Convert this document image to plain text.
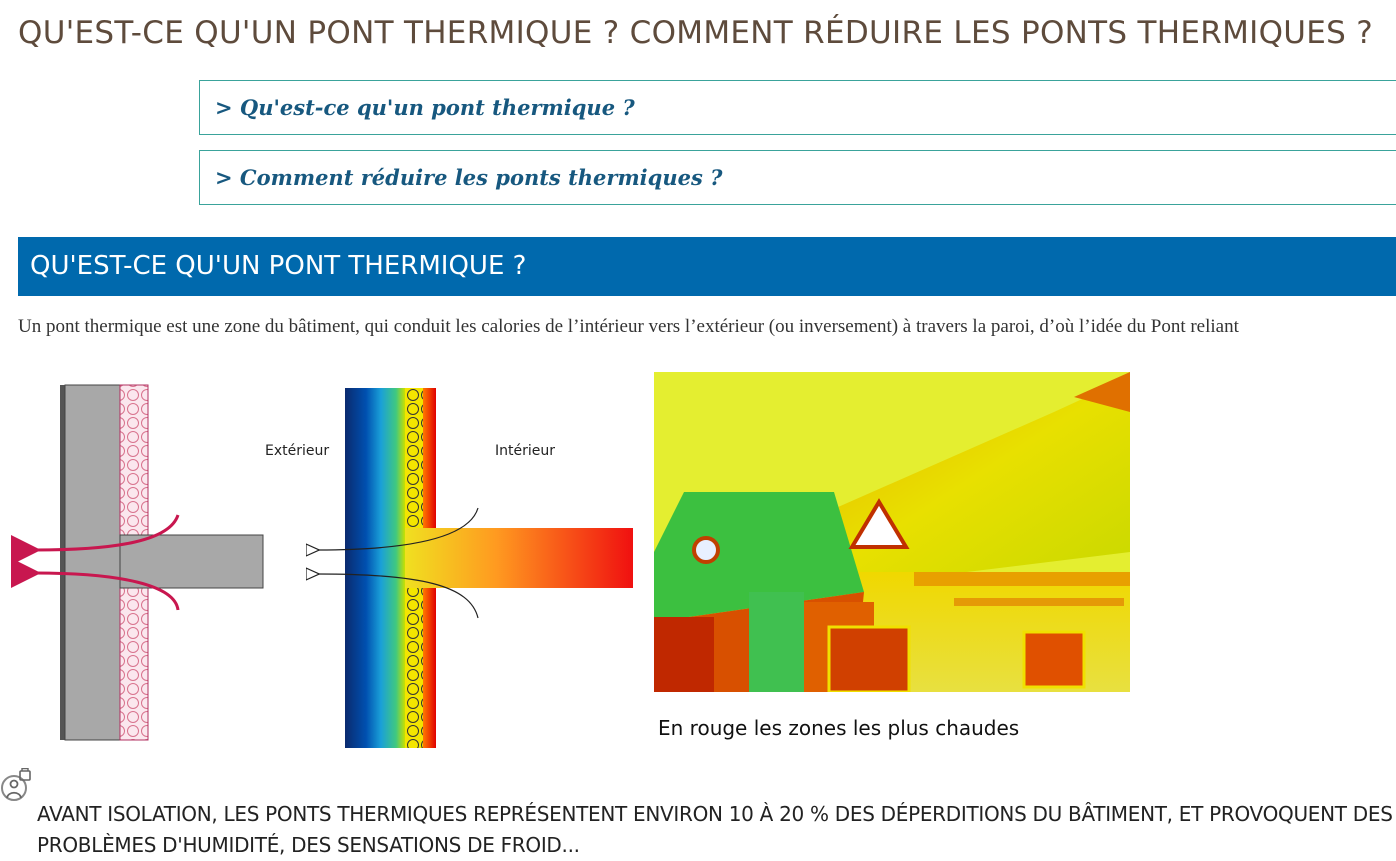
QU'EST-CE QU'UN PONT THERMIQUE ? COMMENT RÉDUIRE LES PONTS THERMIQUES ?
> Qu'est-ce qu'un pont thermique ?
> Comment réduire les ponts thermiques ?
QU'EST-CE QU'UN PONT THERMIQUE ?

Un pont thermique est une zone du bâtiment, qui conduit les calories de l’intérieur vers l’extérieur (ou inversement) à travers la paroi, d’où l’idée du Pont reliant

Extérieur	Intérieur

En rouge les zones les plus chaudes

AVANT ISOLATION, LES PONTS THERMIQUES REPRÉSENTENT ENVIRON 10 À 20 % DES DÉPERDITIONS DU BÂTIMENT, ET PROVOQUENT DES PROBLÈMES D'HUMIDITÉ, DES SENSATIONS DE FROID...
